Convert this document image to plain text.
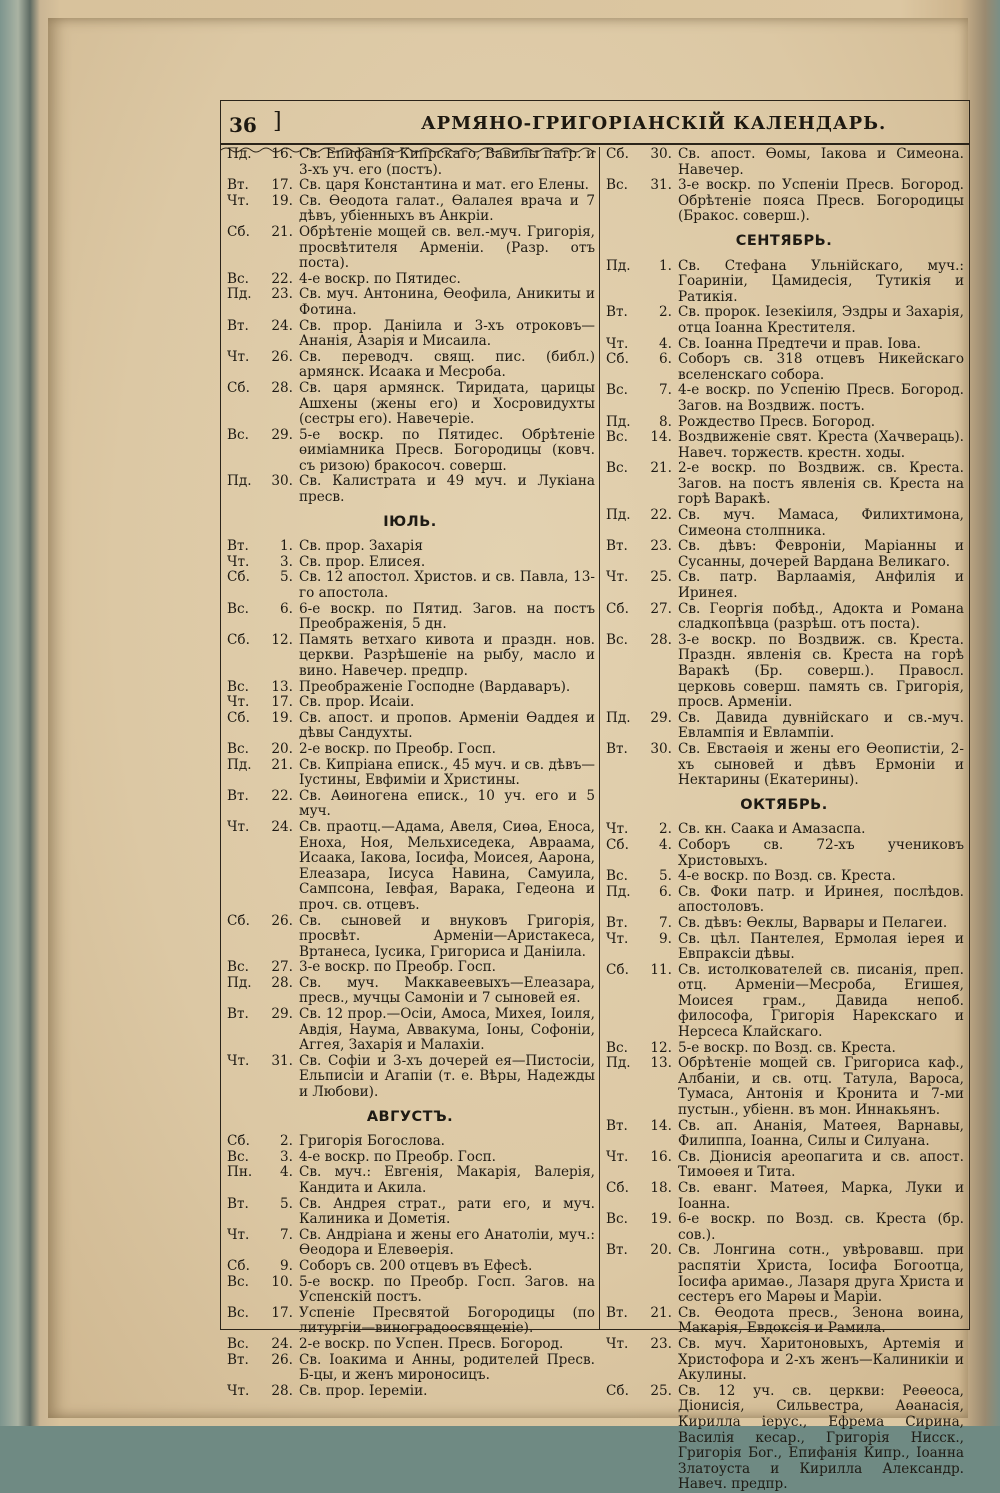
36 ]	АРМЯНО-ГРИГОРІАНСКІЙ КАЛЕНДАРЬ.
Пд.	16. Св. Епифанія Кипрскаго, Вавилы патр. и 3-хъ уч. его (постъ).
Вт.	17. Св. царя Константина и мат. его Елены.
Чт.	19. Св. Өеодота галат., Өалалея врача и 7 дѣвъ, убіенныхъ въ Анкріи.
Сб.	21. Обрѣтеніе мощей св. вел.-муч. Григорія, просвѣтителя Арменіи. (Разр. отъ поста).
Вс.	22. 4-е воскр. по Пятидес.
Пд.	23. Св. муч. Антонина, Өеофила, Аникиты и Фотина.
Вт.	24. Св. прор. Даніила и 3-хъ отроковъ—Ананія, Азарія и Мисаила.
Чт.	26. Св. переводч. свящ. пис. (библ.) армянск. Исаака и Месроба.
Сб.	28. Св. царя армянск. Тиридата, царицы Ашхены (жены его) и Хосровидухты (сестры его). Навечеріе.
Вс.	29. 5-е воскр. по Пятидес. Обрѣтеніе өиміамника Пресв. Богородицы (ковч. съ ризою) бракосоч. соверш.
Пд.	30. Св. Калистрата и 49 муч. и Лукіана пресв.
ІЮЛЬ.
Вт.	1. Св. прор. Захарія
Чт.	3. Св. прор. Елисея.
Сб.	5. Св. 12 апостол. Христов. и св. Павла, 13-го апостола.
Вс.	6. 6-е воскр. по Пятид. Загов. на постъ Преображенія, 5 дн.
Сб.	12. Память ветхаго кивота и праздн. нов. церкви. Разрѣшеніе на рыбу, масло и вино. Навечер. предпр.
Вс.	13. Преображеніе Господне (Вардаваръ).
Чт.	17. Св. прор. Исаіи.
Сб.	19. Св. апост. и пропов. Арменіи Өаддея и дѣвы Сандухты.
Вс.	20. 2-е воскр. по Преобр. Госп.
Пд.	21. Св. Кипріана еписк., 45 муч. и св. дѣвъ— Іустины, Евфиміи и Христины.
Вт.	22. Св. Аөиногена еписк., 10 уч. его и 5 муч.
Чт.	24. Св. праотц.—Адама, Авеля, Сиөа, Еноса, Еноха, Ноя, Мельхиседека, Авраама, Исаака, Іакова, Іосифа, Моисея, Аарона, Елеазара, Іисуса Навина, Самуила, Сампсона, Іевфая, Варака, Гедеона и проч. св. отцевъ.
Сб.	26. Св. сыновей и внуковъ Григорія, просвѣт. Арменіи—Аристакеса, Вртанеса, Іусика, Григориса и Даніила.
Вс.	27. 3-е воскр. по Преобр. Госп.
Пд.	28. Св. муч. Маккавеевыхъ—Елеазара, пресв., мучцы Самоніи и 7 сыновей ея.
Вт.	29. Св. 12 прор.—Осіи, Амоса, Михея, Іоиля, Авдія, Наума, Аввакума, Іоны, Софоніи, Аггея, Захарія и Малахіи.
Чт.	31. Св. Софіи и 3-хъ дочерей ея—Пистосіи, Ельписіи и Агапіи (т. е. Вѣры, Надежды и Любови).
АВГУСТЪ.
Сб.	2. Григорія Богослова.
Вс.	3. 4-е воскр. по Преобр. Госп.
Пн.	4. Св. муч.: Евгенія, Макарія, Валерія, Кандита и Акила.
Вт.	5. Св. Андрея страт., рати его, и муч. Калиника и Дометія.
Чт.	7. Св. Андріана и жены его Анатоліи, муч.: Өеодора и Елевөерія.
Сб.	9. Соборъ св. 200 отцевъ въ Ефесѣ.
Вс.	10. 5-е воскр. по Преобр. Госп. Загов. на Успенскій постъ.
Вс.	17. Успеніе Пресвятой Богородицы (по литургіи—виноградоосвященіе).
Вс.	24. 2-е воскр. по Успен. Пресв. Богород.
Вт.	26. Св. Іоакима и Анны, родителей Пресв. Б-цы, и женъ мироносицъ.
Чт.	28. Св. прор. Іереміи.
Сб.	30. Св. апост. Өомы, Іакова и Симеона. Навечер.
Вс.	31. 3-е воскр. по Успеніи Пресв. Богород. Обрѣтеніе пояса Пресв. Богородицы (Бракос. соверш.).
СЕНТЯБРЬ.
Пд.	1. Св. Стефана Ульнійскаго, муч.: Гоариніи, Цамидесія, Тутикія и Ратикія.
Вт.	2. Св. пророк. Іезекіиля, Эздры и Захарія, отца Іоанна Крестителя.
Чт.	4. Св. Іоанна Предтечи и прав. Іова.
Сб.	6. Соборъ св. 318 отцевъ Никейскаго вселенскаго собора.
Вс.	7. 4-е воскр. по Успенію Пресв. Богород. Загов. на Воздвиж. постъ.
Пд.	8. Рождество Пресв. Богород.
Вс.	14. Воздвиженіе свят. Креста (Хачвераць). Навеч. торжеств. крестн. ходы.
Вс.	21. 2-е воскр. по Воздвиж. св. Креста. Загов. на постъ явленія св. Креста на горѣ Варакѣ.
Пд.	22. Св. муч. Мамаса, Филихтимона, Симеона столпника.
Вт.	23. Св. дѣвъ: Февроніи, Маріанны и Сусанны, дочерей Вардана Великаго.
Чт.	25. Св. патр. Варлаамія, Анфилія и Иринея.
Сб.	27. Св. Георгія побѣд., Адокта и Романа сладкопѣвца (разрѣш. отъ поста).
Вс.	28. 3-е воскр. по Воздвиж. св. Креста. Праздн. явленія св. Креста на горѣ Варакѣ (Бр. соверш.). Правосл. церковь соверш. память св. Григорія, просв. Арменіи.
Пд.	29. Св. Давида дувнійскаго и св.-муч. Евлампія и Евлампіи.
Вт.	30. Св. Евстаөія и жены его Өеопистіи, 2-хъ сыновей и дѣвъ Ермоніи и Нектарины (Екатерины).
ОКТЯБРЬ.
Чт.	2. Св. кн. Саака и Амазаспа.
Сб.	4. Соборъ св. 72-хъ учениковъ Христовыхъ.
Вс.	5. 4-е воскр. по Возд. св. Креста.
Пд.	6. Св. Фоки патр. и Иринея, послѣдов. апостоловъ.
Вт.	7. Св. дѣвъ: Өеклы, Варвары и Пелагеи.
Чт.	9. Св. цѣл. Пантелея, Ермолая іерея и Евпраксіи дѣвы.
Сб.	11. Св. истолкователей св. писанія, преп. отц. Арменіи—Месроба, Егишея, Моисея грам., Давида непоб. философа, Григорія Нарекскаго и Нерсеса Клайскаго.
Вс.	12. 5-е воскр. по Возд. св. Креста.
Пд.	13. Обрѣтеніе мощей св. Григориса каф., Албаніи, и св. отц. Татула, Вароса, Тумаса, Антонія и Кронита и 7-ми пустын., убіенн. въ мон. Иннакьянъ.
Вт.	14. Св. ап. Ананія, Матөея, Варнавы, Филиппа, Іоанна, Силы и Силуана.
Чт.	16. Св. Діонисія ареопагита и св. апост. Тимоөея и Тита.
Сб.	18. Св. еванг. Матөея, Марка, Луки и Іоанна.
Вс.	19. 6-е воскр. по Возд. св. Креста (бр. сов.).
Вт.	20. Св. Лонгина сотн., увѣровавш. при распятіи Христа, Іосифа Богоотца, Іосифа аримаө., Лазаря друга Христа и сестеръ его Марөы и Маріи.
Вт.	21. Св. Өеодота пресв., Зенона воина, Макарія, Евдоксія и Рамила.
Чт.	23. Св. муч. Харитоновыхъ, Артемія и Христофора и 2-хъ женъ—Калиникіи и Акулины.
Сб.	25. Св. 12 уч. св. церкви: Реөеоса, Діонисія, Сильвестра, Аөанасія, Кирилла іерус., Ефрема Сирина, Василія кесар., Григорія Нисск., Григорія Бог., Епифанія Кипр., Іоанна Златоуста и Кирилла Александр. Навеч. предпр.
